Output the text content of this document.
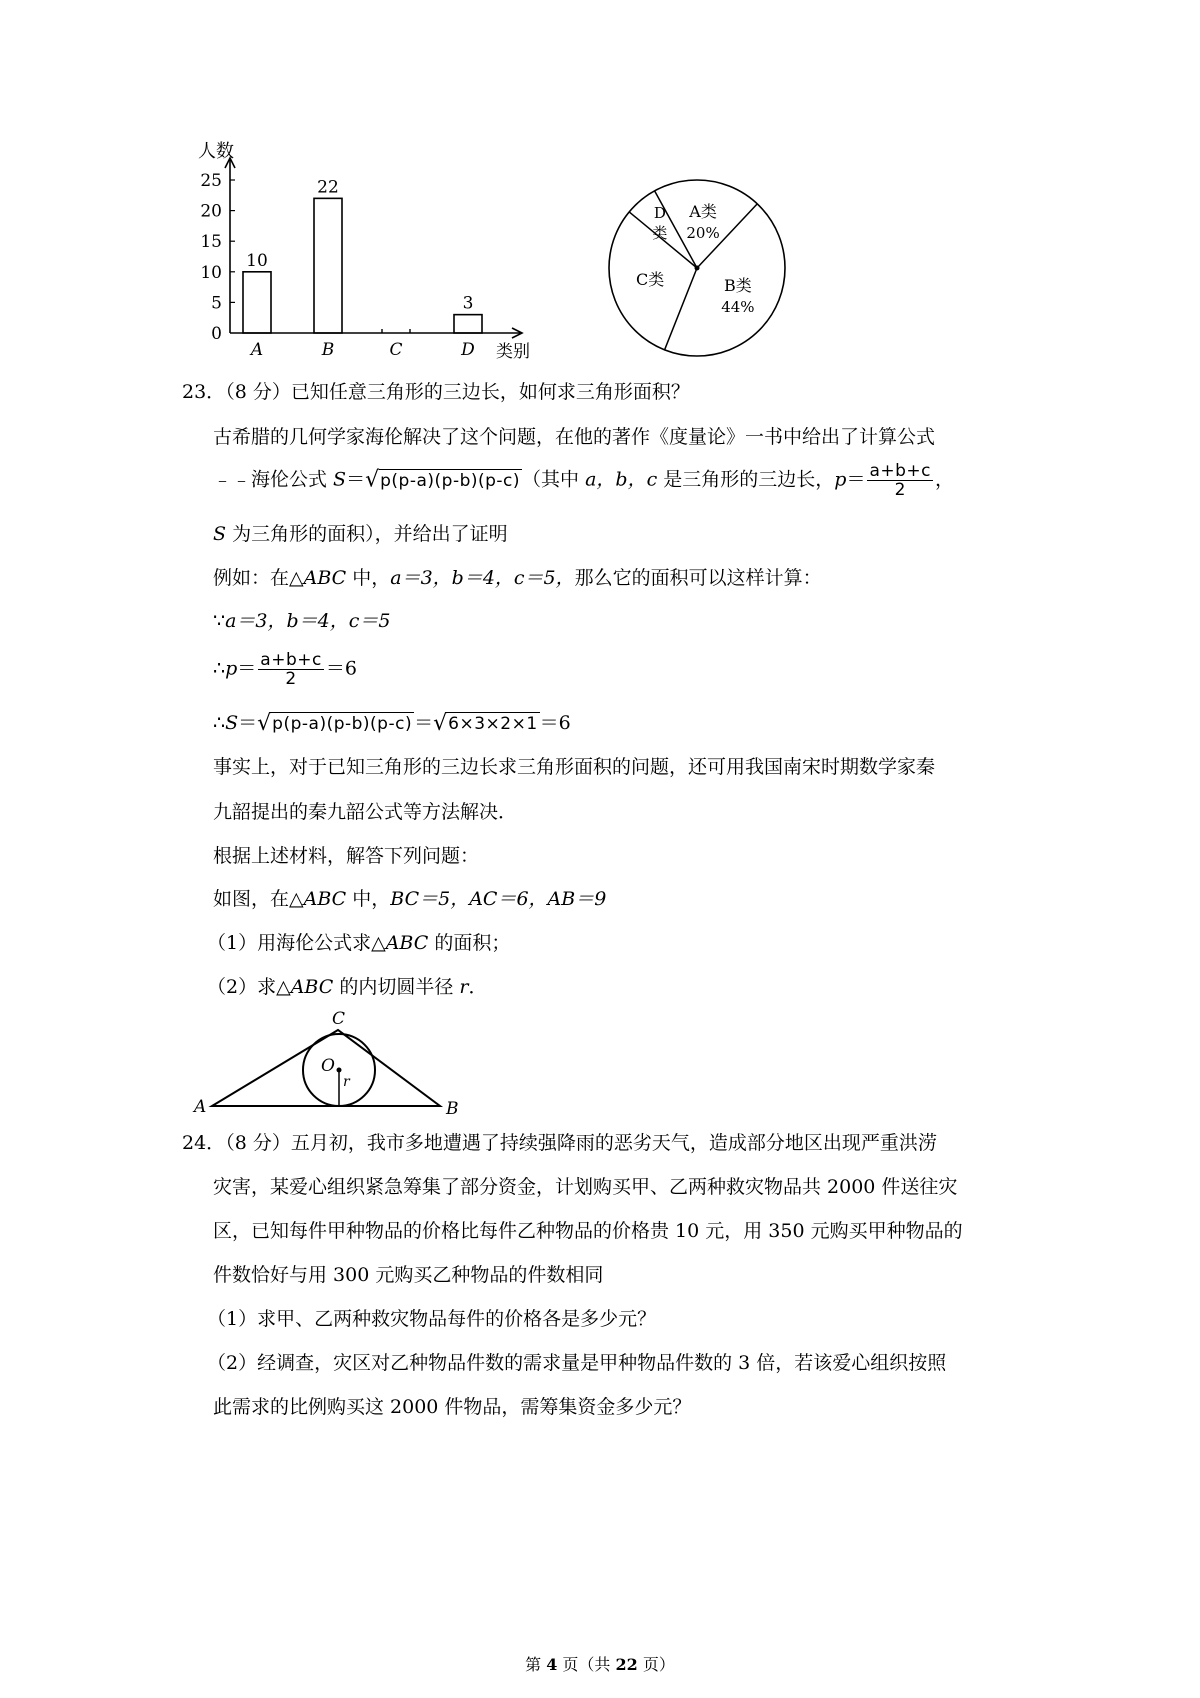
人数
类别
0
5
10
15
20
25
A
10
B
22
C	D
3
D
类
A类
20%
B类
44%
C类
23．（8 分）已知任意三角形的三边长，如何求三角形面积？
古希腊的几何学家海伦解决了这个问题，在他的著作《度量论》一书中给出了计算公式
﹣﹣海伦公式 S＝√p(p-a)(p-b)(p-c) （其中 a，b，c 是三角形的三边长，$p= \frac{a+b+c}{2}$ ，
S 为三角形的面积），并给出了证明
例如：在△ABC 中，a＝3，b＝4，c＝5，那么它的面积可以这样计算：
∵a＝3，b＝4，c＝5
∴p＝ $\frac{a+b+c}{2} =6$
∴S＝√p(p-a)(p-b)(p-c) ＝√6×3×2×1 ＝6
事实上，对于已知三角形的三边长求三角形面积的问题，还可用我国南宋时期数学家秦
九韶提出的秦九韶公式等方法解决．
根据上述材料，解答下列问题：
如图，在△ABC 中，BC＝5，AC＝6，AB＝9
（1）用海伦公式求△ABC 的面积；
（2）求△ABC 的内切圆半径 r．
A	B
C
O
r
24．（8 分）五月初，我市多地遭遇了持续强降雨的恶劣天气，造成部分地区出现严重洪涝
灾害，某爱心组织紧急筹集了部分资金，计划购买甲、乙两种救灾物品共 2000 件送往灾
区，已知每件甲种物品的价格比每件乙种物品的价格贵 10 元，用 350 元购买甲种物品的
件数恰好与用 300 元购买乙种物品的件数相同
（1）求甲、乙两种救灾物品每件的价格各是多少元？
（2）经调查，灾区对乙种物品件数的需求量是甲种物品件数的 3 倍，若该爱心组织按照
此需求的比例购买这 2000 件物品，需筹集资金多少元？
第 4 页（共 22 页）
